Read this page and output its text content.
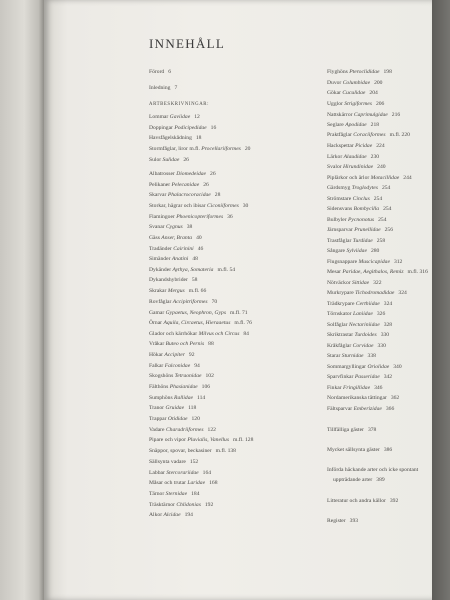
INNEHÅLL
Förord 6
Inledning 7
ARTBESKRIVNINGAR:
Lommar Gaviidae 12
Doppingar Podicipedidae 16
Havsfågelskådning 18
Stormfåglar, liror m.fl. Procellariiformes 20
Sulor Sulidae 26
Albatrosser Diomedeidae 26
Pelikaner Pelecanidae 26
Skarvar Phalacrocoracidae 28
Storkar, hägrar och ibisar Ciconiiformes 30
Flamingoer Phoenicopteriformes 36
Svanar Cygnus 38
Gäss Anser, Branta 40
Tradänder Cairinini 46
Simänder Anatini 48
Dykänder Aythya, Somateria m.fl. 54
Dykandshybrider 58
Skrakar Mergus m.fl. 66
Rovfåglar Accipitriformes 70
Gamar Gypaetus, Neophron, Gyps m.fl. 71
Örnar Aquila, Circaetus, Hieraaetus m.fl. 76
Glador och kärrhökar Milvus och Circus 84
Vråkar Buteo och Pernis 88
Hökar Accipiter 92
Falkar Falconidae 94
Skogshöns Tetraonidae 102
Fälthöns Phasianidae 106
Sumphöns Rallidae 114
Tranor Gruidae 118
Trappar Otididae 120
Vadare Charadriiformes 122
Pipare och vipor Pluvialis, Vanellus m.fl. 128
Snäppor, spovar, beckasiner m.fl. 138
Sällsynta vadare 152
Labbar Stercorariidae 164
Måsar och trutar Laridae 168
Tärnor Sternidae 184
Träsktärnor Chlidonias 192
Alkor Alcidae 194
Flyghöns Pteroclididae 198
Duvor Columbidae 200
Gökar Cuculidae 204
Ugglor Strigiformes 206
Nattskärror Caprimulgidae 216
Seglare Apodidae 218
Praktfåglar Coraciiformes m.fl. 220
Hackspettar Picidae 224
Lärkor Alaudidae 230
Svalor Hirundinidae 240
Piplärkor och ärlor Motacillidae 244
Gärdsmyg Troglodytes 254
Strömstare Cinclus 254
Sidensvans Bombycilla 254
Bulbyler Pycnonotus 254
Järnsparvar Prunellidae 256
Trastfåglar Turdidae 258
Sångare Sylviidae 280
Flugsnappare Muscicapidae 312
Mesar Paridae, Aegithalos, Remiz m.fl. 316
Nötväckor Sittidae 322
Murkrypare Tichodromadidae 324
Trädkrypare Certhiidae 324
Törnskator Laniidae 326
Solfåglar Nectariniidae 328
Skriktrastar Turdoides 330
Kråkfåglar Corvidae 330
Starar Sturnidae 338
Sommargyllingar Oriolidae 340
Sparvfinkar Passeridae 342
Finkar Fringillidae 346
Nordamerikanska tättingar 362
Fältsparvar Emberizidae 366
Tillfälliga gäster 378
Mycket sällsynta gäster 386
Införda häckande arter och icke spontant
uppträdande arter 389
Litteratur och andra källor 392
Register 393
